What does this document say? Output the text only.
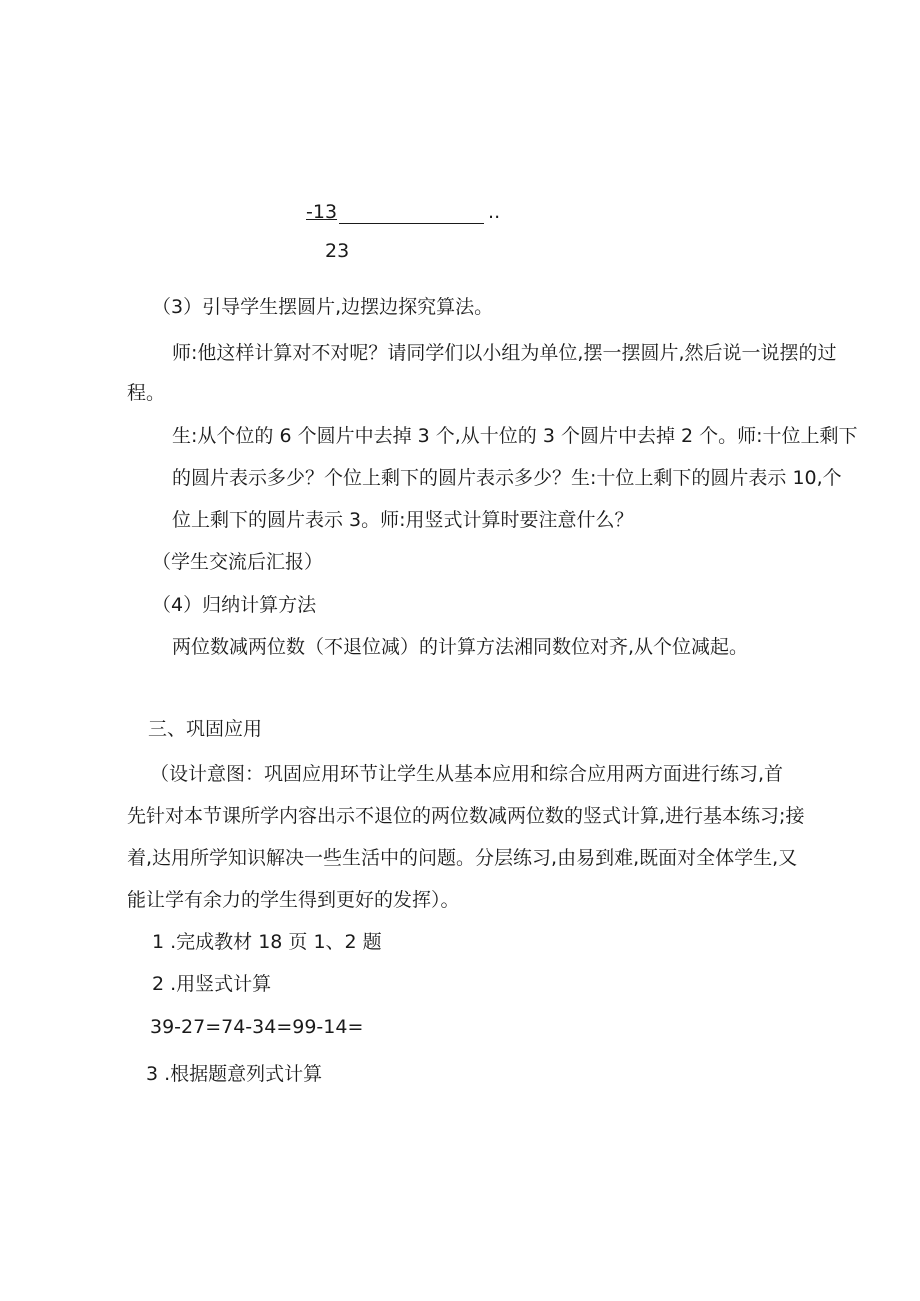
-13	..
23
（3）引导学生摆圆片,边摆边探究算法。
师:他这样计算对不对呢？请同学们以小组为单位,摆一摆圆片,然后说一说摆的过
程。
生:从个位的 6 个圆片中去掉 3 个,从十位的 3 个圆片中去掉 2 个。师:十位上剩下
的圆片表示多少？个位上剩下的圆片表示多少？生:十位上剩下的圆片表示 10,个
位上剩下的圆片表示 3。师:用竖式计算时要注意什么？
（学生交流后汇报）
（4）归纳计算方法
两位数减两位数（不退位减）的计算方法湘同数位对齐,从个位减起。
三、巩固应用
（设计意图：巩固应用环节让学生从基本应用和综合应用两方面进行练习,首
先针对本节课所学内容出示不退位的两位数减两位数的竖式计算,进行基本练习;接
着,达用所学知识解决一些生活中的问题。分层练习,由易到难,既面对全体学生,又
能让学有余力的学生得到更好的发挥）。
1 .完成教材 18 页 1、2 题
2 .用竖式计算
39-27=74-34=99-14=
3 .根据题意列式计算
